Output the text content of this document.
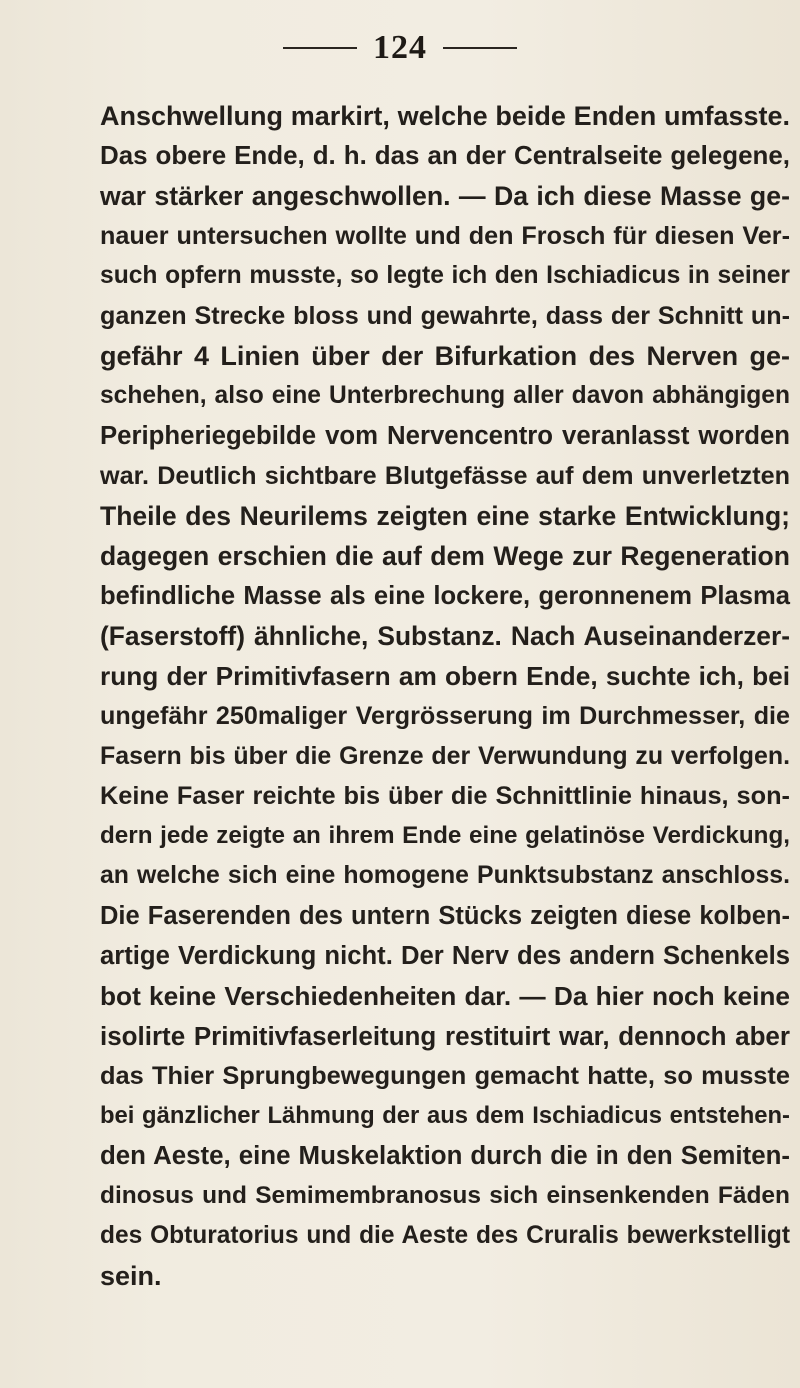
124
Anschwellung markirt, welche beide Enden umfasste.
Das obere Ende, d. h. das an der Centralseite gelegene,
war stärker angeschwollen. — Da ich diese Masse ge-
nauer untersuchen wollte und den Frosch für diesen Ver-
such opfern musste, so legte ich den Ischiadicus in seiner
ganzen Strecke bloss und gewahrte, dass der Schnitt un-
gefähr 4 Linien über der Bifurkation des Nerven ge-
schehen, also eine Unterbrechung aller davon abhängigen
Peripheriegebilde vom Nervencentro veranlasst worden
war. Deutlich sichtbare Blutgefässe auf dem unverletzten
Theile des Neurilems zeigten eine starke Entwicklung;
dagegen erschien die auf dem Wege zur Regeneration
befindliche Masse als eine lockere, geronnenem Plasma
(Faserstoff) ähnliche, Substanz. Nach Auseinanderzer-
rung der Primitivfasern am obern Ende, suchte ich, bei
ungefähr 250maliger Vergrösserung im Durchmesser, die
Fasern bis über die Grenze der Verwundung zu verfolgen.
Keine Faser reichte bis über die Schnittlinie hinaus, son-
dern jede zeigte an ihrem Ende eine gelatinöse Verdickung,
an welche sich eine homogene Punktsubstanz anschloss.
Die Faserenden des untern Stücks zeigten diese kolben-
artige Verdickung nicht. Der Nerv des andern Schenkels
bot keine Verschiedenheiten dar. — Da hier noch keine
isolirte Primitivfaserleitung restituirt war, dennoch aber
das Thier Sprungbewegungen gemacht hatte, so musste
bei gänzlicher Lähmung der aus dem Ischiadicus entstehen-
den Aeste, eine Muskelaktion durch die in den Semiten-
dinosus und Semimembranosus sich einsenkenden Fäden
des Obturatorius und die Aeste des Cruralis bewerkstelligt
sein.
